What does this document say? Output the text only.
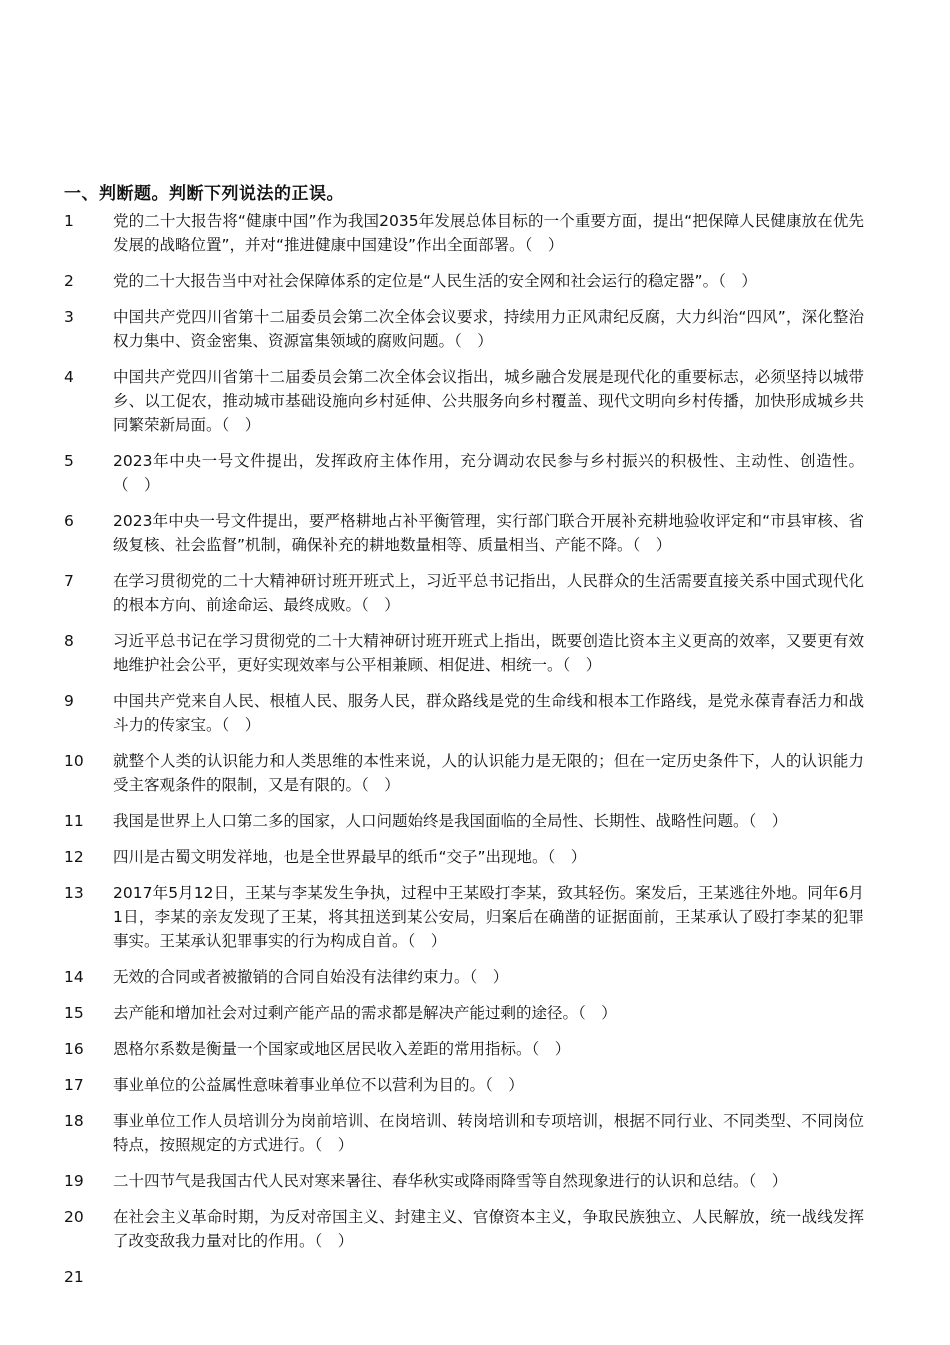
一、判断题。判断下列说法的正误。
1	党的二十大报告将“健康中国”作为我国2035年发展总体目标的一个重要方面，提出“把保障人民健康放在优先发展的战略位置”，并对“推进健康中国建设”作出全面部署。（　）
2	党的二十大报告当中对社会保障体系的定位是“人民生活的安全网和社会运行的稳定器”。（　）
3	中国共产党四川省第十二届委员会第二次全体会议要求，持续用力正风肃纪反腐，大力纠治“四风”，深化整治权力集中、资金密集、资源富集领域的腐败问题。（　）
4	中国共产党四川省第十二届委员会第二次全体会议指出，城乡融合发展是现代化的重要标志，必须坚持以城带乡、以工促农，推动城市基础设施向乡村延伸、公共服务向乡村覆盖、现代文明向乡村传播，加快形成城乡共同繁荣新局面。（　）
5	2023年中央一号文件提出，发挥政府主体作用，充分调动农民参与乡村振兴的积极性、主动性、创造性。（　）
6	2023年中央一号文件提出，要严格耕地占补平衡管理，实行部门联合开展补充耕地验收评定和“市县审核、省级复核、社会监督”机制，确保补充的耕地数量相等、质量相当、产能不降。（　）
7	在学习贯彻党的二十大精神研讨班开班式上，习近平总书记指出，人民群众的生活需要直接关系中国式现代化的根本方向、前途命运、最终成败。（　）
8	习近平总书记在学习贯彻党的二十大精神研讨班开班式上指出，既要创造比资本主义更高的效率，又要更有效地维护社会公平，更好实现效率与公平相兼顾、相促进、相统一。（　）
9	中国共产党来自人民、根植人民、服务人民，群众路线是党的生命线和根本工作路线，是党永葆青春活力和战斗力的传家宝。（　）
10	就整个人类的认识能力和人类思维的本性来说，人的认识能力是无限的；但在一定历史条件下，人的认识能力受主客观条件的限制，又是有限的。（　）
11	我国是世界上人口第二多的国家，人口问题始终是我国面临的全局性、长期性、战略性问题。（　）
12	四川是古蜀文明发祥地，也是全世界最早的纸币“交子”出现地。（　）
13	2017年5月12日，王某与李某发生争执，过程中王某殴打李某，致其轻伤。案发后，王某逃往外地。同年6月1日，李某的亲友发现了王某，将其扭送到某公安局，归案后在确凿的证据面前，王某承认了殴打李某的犯罪事实。王某承认犯罪事实的行为构成自首。（　）
14	无效的合同或者被撤销的合同自始没有法律约束力。（　）
15	去产能和增加社会对过剩产能产品的需求都是解决产能过剩的途径。（　）
16	恩格尔系数是衡量一个国家或地区居民收入差距的常用指标。（　）
17	事业单位的公益属性意味着事业单位不以营利为目的。（　）
18	事业单位工作人员培训分为岗前培训、在岗培训、转岗培训和专项培训，根据不同行业、不同类型、不同岗位特点，按照规定的方式进行。（　）
19	二十四节气是我国古代人民对寒来暑往、春华秋实或降雨降雪等自然现象进行的认识和总结。（　）
20	在社会主义革命时期，为反对帝国主义、封建主义、官僚资本主义，争取民族独立、人民解放，统一战线发挥了改变敌我力量对比的作用。（　）
21
